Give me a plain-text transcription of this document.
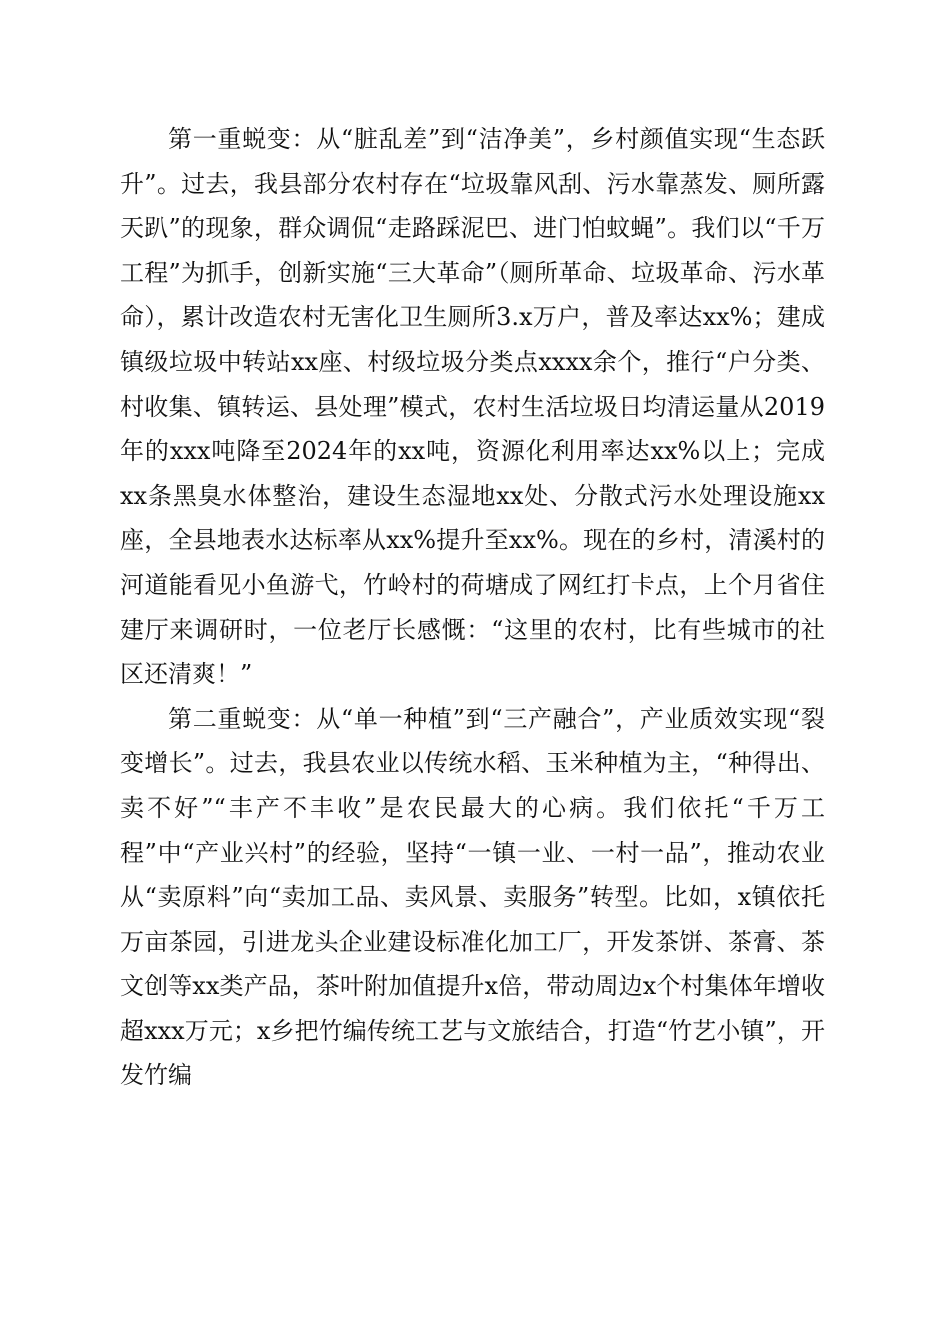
第一重蜕变：从“脏乱差”到“洁净美”，乡村颜值实现“生态跃升”。过去，我县部分农村存在“垃圾靠风刮、污水靠蒸发、厕所露天趴”的现象，群众调侃“走路踩泥巴、进门怕蚊蝇”。我们以“千万工程”为抓手，创新实施“三大革命”（厕所革命、垃圾革命、污水革命），累计改造农村无害化卫生厕所3.x万户，普及率达xx%；建成镇级垃圾中转站xx座、村级垃圾分类点xxxx余个，推行“户分类、村收集、镇转运、县处理”模式，农村生活垃圾日均清运量从2019年的xxx吨降至2024年的xx吨，资源化利用率达xx%以上；完成xx条黑臭水体整治，建设生态湿地xx处、分散式污水处理设施xx座，全县地表水达标率从xx%提升至xx%。现在的乡村，清溪村的河道能看见小鱼游弋，竹岭村的荷塘成了网红打卡点，上个月省住建厅来调研时，一位老厅长感慨：“这里的农村，比有些城市的社区还清爽！”

第二重蜕变：从“单一种植”到“三产融合”，产业质效实现“裂变增长”。过去，我县农业以传统水稻、玉米种植为主，“种得出、卖不好”“丰产不丰收”是农民最大的心病。我们依托“千万工程”中“产业兴村”的经验，坚持“一镇一业、一村一品”，推动农业从“卖原料”向“卖加工品、卖风景、卖服务”转型。比如，x镇依托万亩茶园，引进龙头企业建设标准化加工厂，开发茶饼、茶膏、茶文创等xx类产品，茶叶附加值提升x倍，带动周边x个村集体年增收超xxx万元；x乡把竹编传统工艺与文旅结合，打造“竹艺小镇”，开发竹编
